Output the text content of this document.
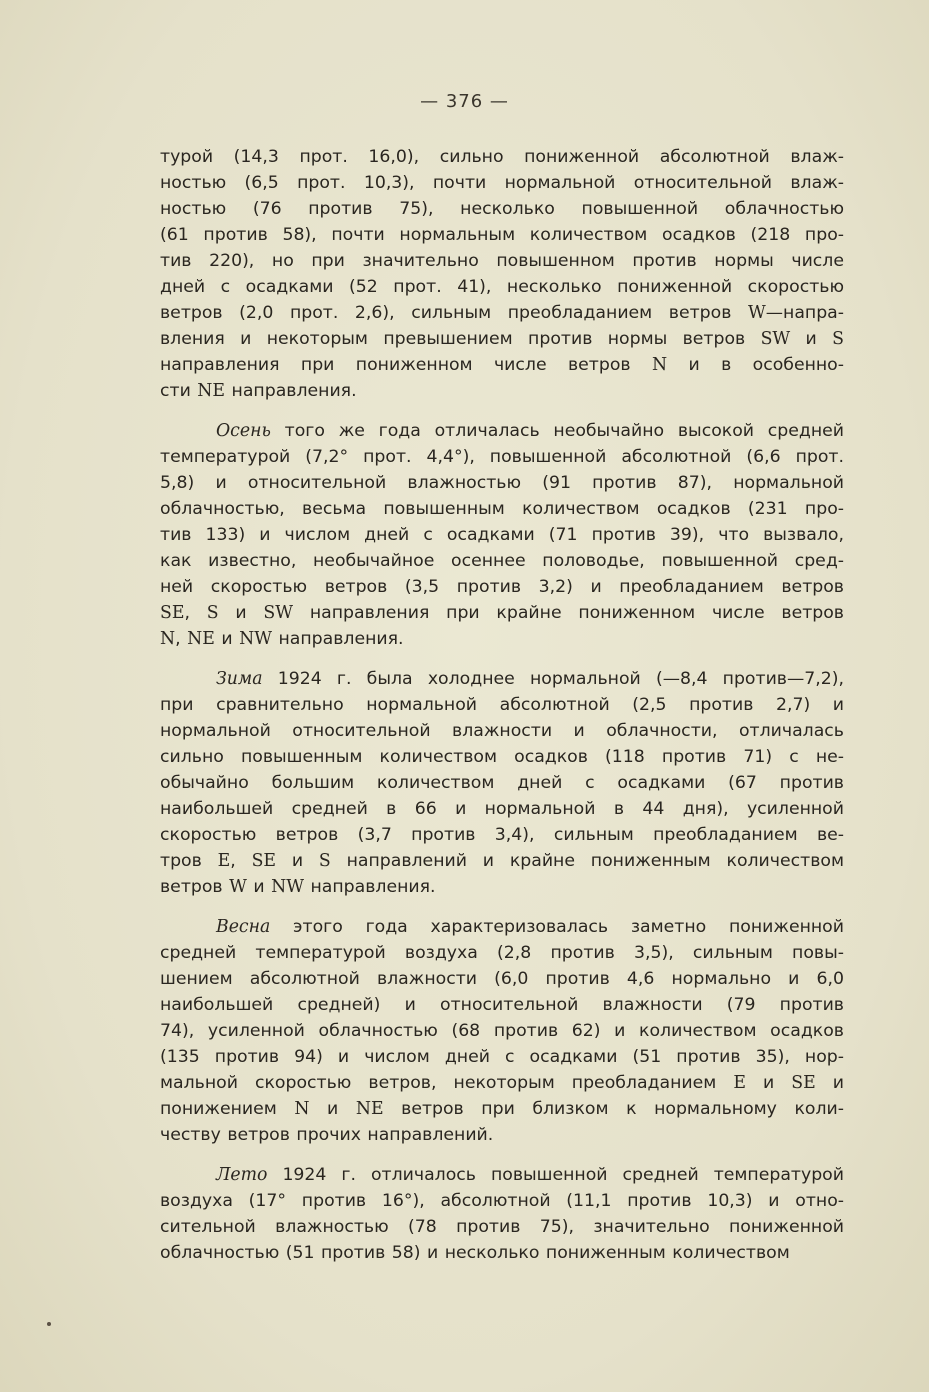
— 376 —
турой (14,3 прот. 16,0), сильно пониженной абсолютной влаж-
ностью (6,5 прот. 10,3), почти нормальной относительной влаж-
ностью (76 против 75), несколько повышенной облачностью
(61 против 58), почти нормальным количеством осадков (218 про-
тив 220), но при значительно повышенном против нормы числе
дней с осадками (52 прот. 41), несколько пониженной скоростью
ветров (2,0 прот. 2,6), сильным преобладанием ветров W—напра-
вления и некоторым превышением против нормы ветров SW и S
направления при пониженном числе ветров N и в особенно-
сти NE направления.
Осень того же года отличалась необычайно высокой средней
температурой (7,2° прот. 4,4°), повышенной абсолютной (6,6 прот.
5,8) и относительной влажностью (91 против 87), нормальной
облачностью, весьма повышенным количеством осадков (231 про-
тив 133) и числом дней с осадками (71 против 39), что вызвало,
как известно, необычайное осеннее половодье, повышенной сред-
ней скоростью ветров (3,5 против 3,2) и преобладанием ветров
SE, S и SW направления при крайне пониженном числе ветров
N, NE и NW направления.
Зима 1924 г. была холоднее нормальной (—8,4 против—7,2),
при сравнительно нормальной абсолютной (2,5 против 2,7) и
нормальной относительной влажности и облачности, отличалась
сильно повышенным количеством осадков (118 против 71) с не-
обычайно большим количеством дней с осадками (67 против
наибольшей средней в 66 и нормальной в 44 дня), усиленной
скоростью ветров (3,7 против 3,4), сильным преобладанием ве-
тров E, SE и S направлений и крайне пониженным количеством
ветров W и NW направления.
Весна этого года характеризовалась заметно пониженной
средней температурой воздуха (2,8 против 3,5), сильным повы-
шением абсолютной влажности (6,0 против 4,6 нормально и 6,0
наибольшей средней) и относительной влажности (79 против
74), усиленной облачностью (68 против 62) и количеством осадков
(135 против 94) и числом дней с осадками (51 против 35), нор-
мальной скоростью ветров, некоторым преобладанием E и SE и
понижением N и NE ветров при близком к нормальному коли-
честву ветров прочих направлений.
Лето 1924 г. отличалось повышенной средней температурой
воздуха (17° против 16°), абсолютной (11,1 против 10,3) и отно-
сительной влажностью (78 против 75), значительно пониженной
облачностью (51 против 58) и несколько пониженным количеством
